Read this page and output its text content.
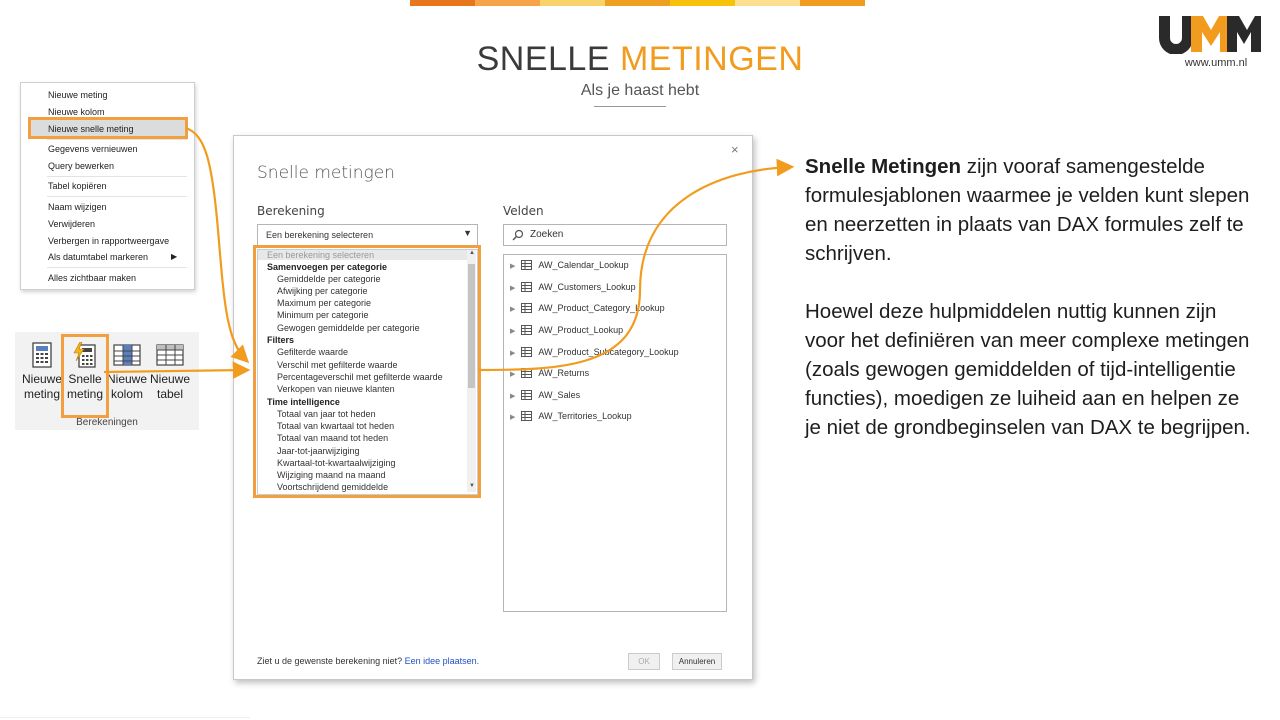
www.umm.nl
SNELLE METINGEN
Als je haast hebt
Nieuwe meting
Nieuwe kolom
Nieuwe snelle meting
Gegevens vernieuwen
Query bewerken
Tabel kopiëren
Naam wijzigen
Verwijderen
Verbergen in rapportweergave
Als datumtabel markeren	▶
Alles zichtbaar maken
Nieuwe
meting
Snelle
meting
Nieuwe
kolom
Nieuwe
tabel
Berekeningen
Snelle metingen
×
Berekening
Een berekening selecteren	▼
Een berekening selecteren
Samenvoegen per categorie
Gemiddelde per categorie
Afwijking per categorie
Maximum per categorie
Minimum per categorie
Gewogen gemiddelde per categorie
Filters
Gefilterde waarde
Verschil met gefilterde waarde
Percentageverschil met gefilterde waarde
Verkopen van nieuwe klanten
Time intelligence
Totaal van jaar tot heden
Totaal van kwartaal tot heden
Totaal van maand tot heden
Jaar-tot-jaarwijziging
Kwartaal-tot-kwartaalwijziging
Wijziging maand na maand
Voortschrijdend gemiddelde
▲
▼
Velden
Zoeken
▶	AW_Calendar_Lookup
▶	AW_Customers_Lookup
▶	AW_Product_Category_Lookup
▶	AW_Product_Lookup
▶	AW_Product_Subcategory_Lookup
▶	AW_Returns
▶	AW_Sales
▶	AW_Territories_Lookup
Ziet u de gewenste berekening niet? Een idee plaatsen.	OK	Annuleren

Snelle Metingen zijn vooraf samengestelde formulesjablonen waarmee je velden kunt slepen en neerzetten in plaats van DAX formules zelf te schrijven.

Hoewel deze hulpmiddelen nuttig kunnen zijn voor het definiëren van meer complexe metingen (zoals gewogen gemiddelden of tijd-intelligentie functies), moedigen ze luiheid aan en helpen ze je niet de grondbeginselen van DAX te begrijpen.
